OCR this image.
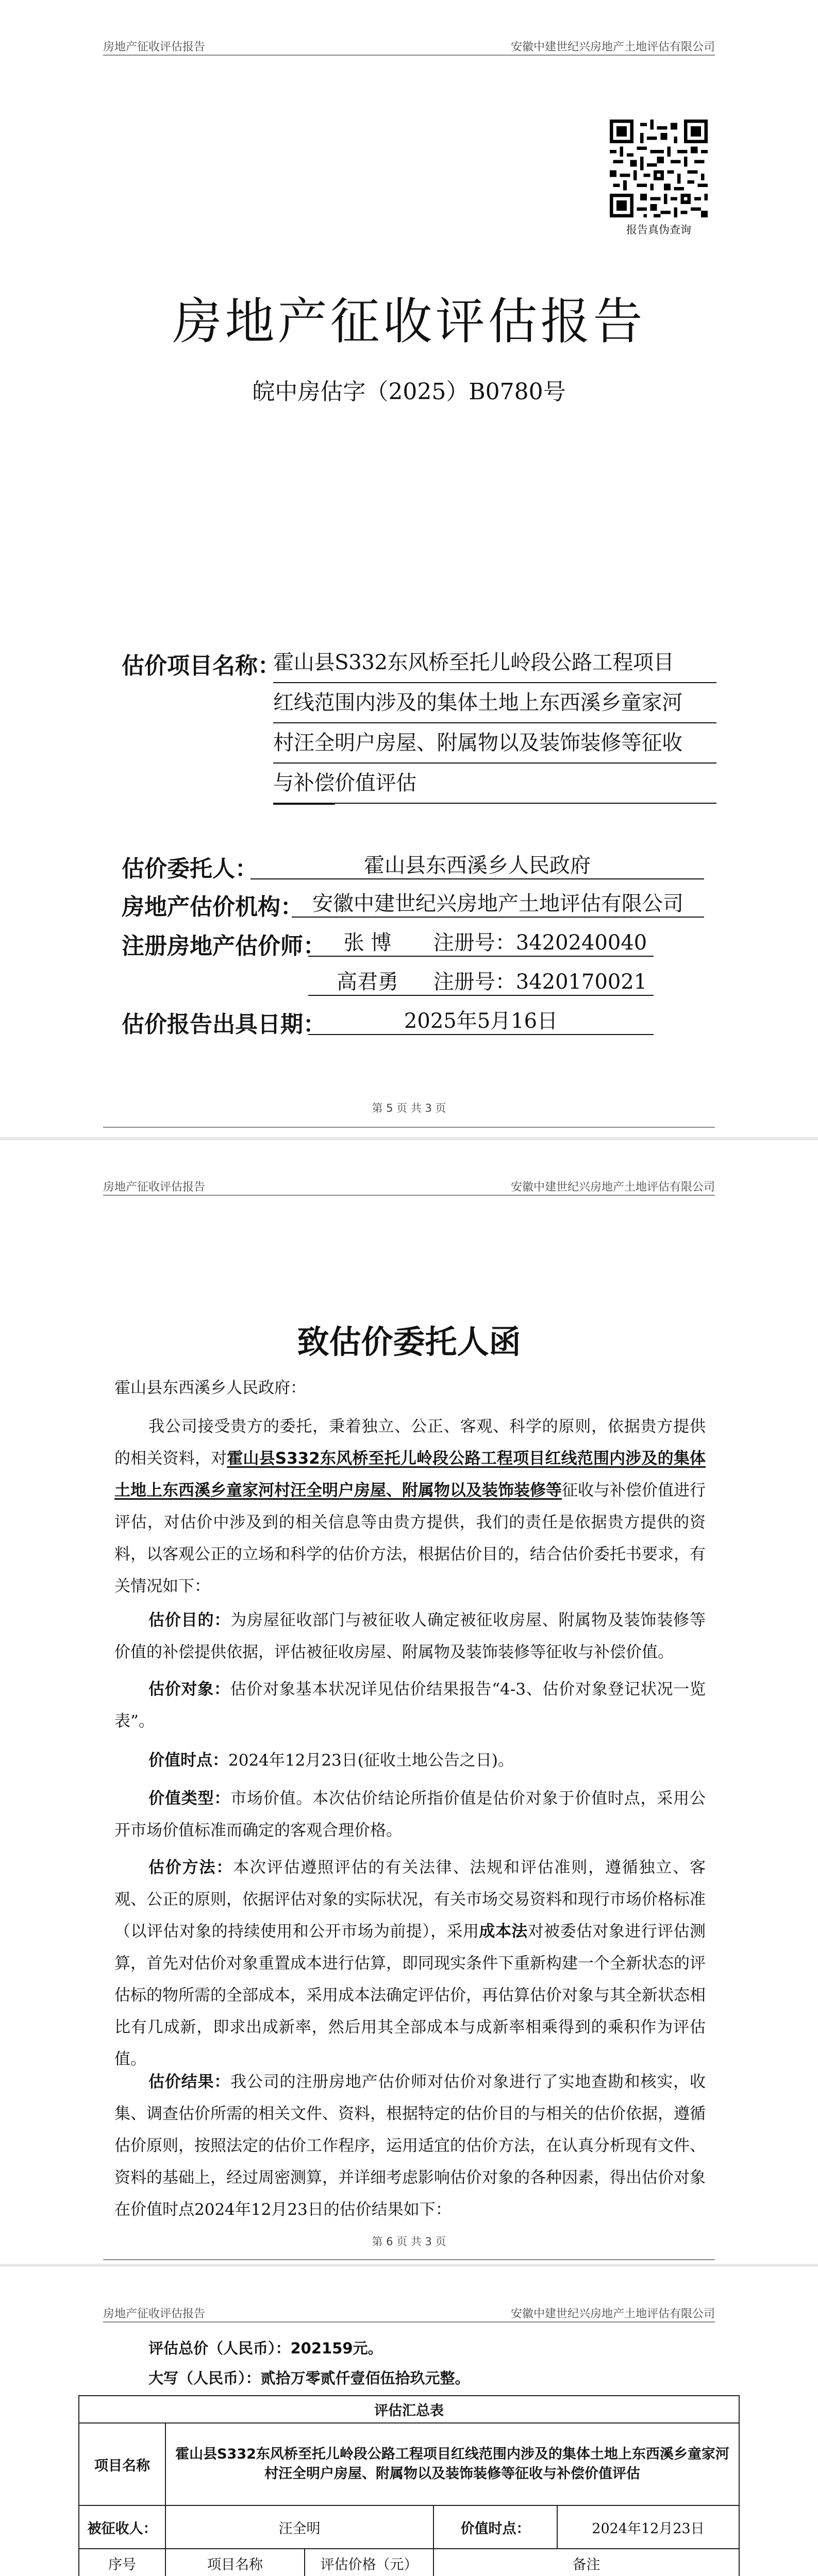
房地产征收评估报告	安徽中建世纪兴房地产土地评估有限公司
报告真伪查询
房地产征收评估报告
皖中房估字（2025）B0780号
估价项目名称：
霍山县S332东风桥至托儿岭段公路工程项目
红线范围内涉及的集体土地上东西溪乡童家河
村汪全明户房屋、附属物以及装饰装修等征收
与补偿价值评估
估价委托人：	霍山县东西溪乡人民政府
房地产估价机构： 安徽中建世纪兴房地产土地评估有限公司
注册房地产估价师： 张 博	注册号：3420240040
高君勇	注册号：3420170021
估价报告出具日期：	2025年5月16日
第 5 页 共 3 页
房地产征收评估报告	安徽中建世纪兴房地产土地评估有限公司
致估价委托人函
霍山县东西溪乡人民政府：
我公司接受贵方的委托，秉着独立、公正、客观、科学的原则，依据贵方提供的相关资料，对霍山县S332东风桥至托儿岭段公路工程项目红线范围内涉及的集体土地上东西溪乡童家河村汪全明户房屋、附属物以及装饰装修等征收与补偿价值进行评估，对估价中涉及到的相关信息等由贵方提供，我们的责任是依据贵方提供的资料，以客观公正的立场和科学的估价方法，根据估价目的，结合估价委托书要求，有关情况如下：
估价目的：为房屋征收部门与被征收人确定被征收房屋、附属物及装饰装修等价值的补偿提供依据，评估被征收房屋、附属物及装饰装修等征收与补偿价值。
估价对象：估价对象基本状况详见估价结果报告“4-3、估价对象登记状况一览表”。
价值时点：2024年12月23日(征收土地公告之日)。
价值类型：市场价值。本次估价结论所指价值是估价对象于价值时点，采用公开市场价值标准而确定的客观合理价格。
估价方法：本次评估遵照评估的有关法律、法规和评估准则，遵循独立、客观、公正的原则，依据评估对象的实际状况，有关市场交易资料和现行市场价格标准（以评估对象的持续使用和公开市场为前提），采用成本法对被委估对象进行评估测算，首先对估价对象重置成本进行估算，即同现实条件下重新构建一个全新状态的评估标的物所需的全部成本，采用成本法确定评估价，再估算估价对象与其全新状态相比有几成新，即求出成新率，然后用其全部成本与成新率相乘得到的乘积作为评估值。
估价结果：我公司的注册房地产估价师对估价对象进行了实地查勘和核实，收集、调查估价所需的相关文件、资料，根据特定的估价目的与相关的估价依据，遵循估价原则，按照法定的估价工作程序，运用适宜的估价方法，在认真分析现有文件、资料的基础上，经过周密测算，并详细考虑影响估价对象的各种因素，得出估价对象在价值时点2024年12月23日的估价结果如下：
第 6 页 共 3 页
房地产征收评估报告	安徽中建世纪兴房地产土地评估有限公司
评估总价（人民币）：202159元。
大写（人民币）：贰拾万零贰仟壹佰伍拾玖元整。
评估汇总表				
项目名称	霍山县S332东风桥至托儿岭段公路工程项目红线范围内涉及的集体土地上东西溪乡童家河村汪全明户房屋、附属物以及装饰装修等征收与补偿价值评估			
被征收人：	汪全明		价值时点：	2024年12月23日
序号	项目名称	评估价格（元）	备注	
